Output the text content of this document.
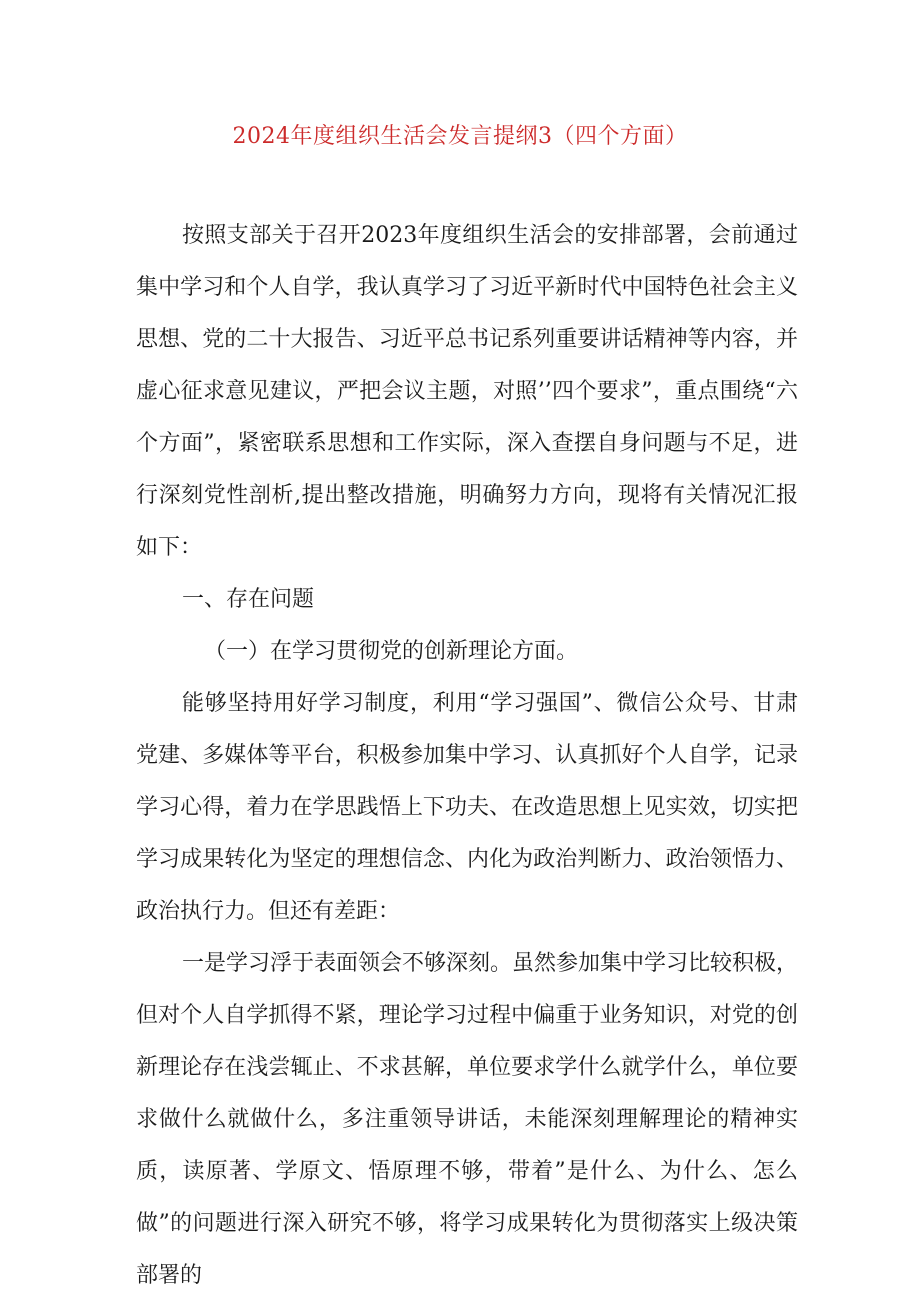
2024年度组织生活会发言提纲3（四个方面）

按照支部关于召开2023年度组织生活会的安排部署，会前通过集中学习和个人自学，我认真学习了习近平新时代中国特色社会主义思想、党的二十大报告、习近平总书记系列重要讲话精神等内容，并虚心征求意见建议，严把会议主题，对照’’四个要求”，重点围绕“六个方面”，紧密联系思想和工作实际，深入查摆自身问题与不足，进行深刻党性剖析,提出整改措施，明确努力方向，现将有关情况汇报如下：

一、存在问题

（一）在学习贯彻党的创新理论方面。

能够坚持用好学习制度，利用“学习强国”、微信公众号、甘肃党建、多媒体等平台，积极参加集中学习、认真抓好个人自学，记录学习心得，着力在学思践悟上下功夫、在改造思想上见实效，切实把学习成果转化为坚定的理想信念、内化为政治判断力、政治领悟力、政治执行力。但还有差距：

一是学习浮于表面领会不够深刻。虽然参加集中学习比较积极，但对个人自学抓得不紧，理论学习过程中偏重于业务知识，对党的创新理论存在浅尝辄止、不求甚解，单位要求学什么就学什么，单位要求做什么就做什么，多注重领导讲话，未能深刻理解理论的精神实质，读原著、学原文、悟原理不够，带着”是什么、为什么、怎么做”的问题进行深入研究不够，将学习成果转化为贯彻落实上级决策部署的
